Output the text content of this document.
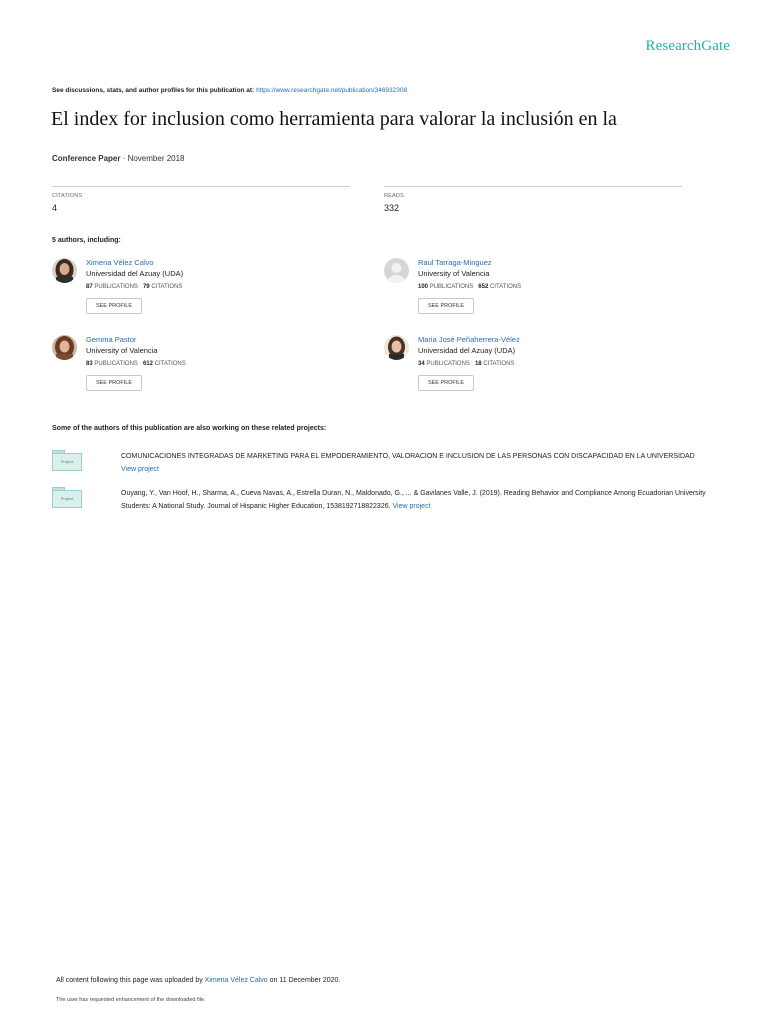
ResearchGate
See discussions, stats, and author profiles for this publication at: https://www.researchgate.net/publication/346932308
El index for inclusion como herramienta para valorar la inclusión en la
Conference Paper · November 2018
CITATIONS
4
READS
332
5 authors, including:
Ximena Vélez Calvo
Universidad del Azuay (UDA)
87 PUBLICATIONS 79 CITATIONS
SEE PROFILE
Raul Tarraga-Minguez
University of Valencia
100 PUBLICATIONS 652 CITATIONS
SEE PROFILE
Gemma Pastor
University of Valencia
83 PUBLICATIONS 612 CITATIONS
SEE PROFILE
Maria José Peñaherrera-Vélez
Universidad del Azuay (UDA)
34 PUBLICATIONS 18 CITATIONS
SEE PROFILE
Some of the authors of this publication are also working on these related projects:
Project
COMUNICACIONES INTEGRADAS DE MARKETING PARA EL EMPODERAMIENTO, VALORACION E INCLUSION DE LAS PERSONAS CON DISCAPACIDAD EN LA UNIVERSIDAD
View project
Project
Ouyang, Y., Van Hoof, H., Sharma, A., Cueva Navas, A., Estrella Duran, N., Maldonado, G., ... & Gavilanes Valle, J. (2019). Reading Behavior and Compliance Among Ecuadorian University Students: A National Study. Journal of Hispanic Higher Education, 1538192718822326. View project
All content following this page was uploaded by Ximena Vélez Calvo on 11 December 2020.
The user has requested enhancement of the downloaded file.
